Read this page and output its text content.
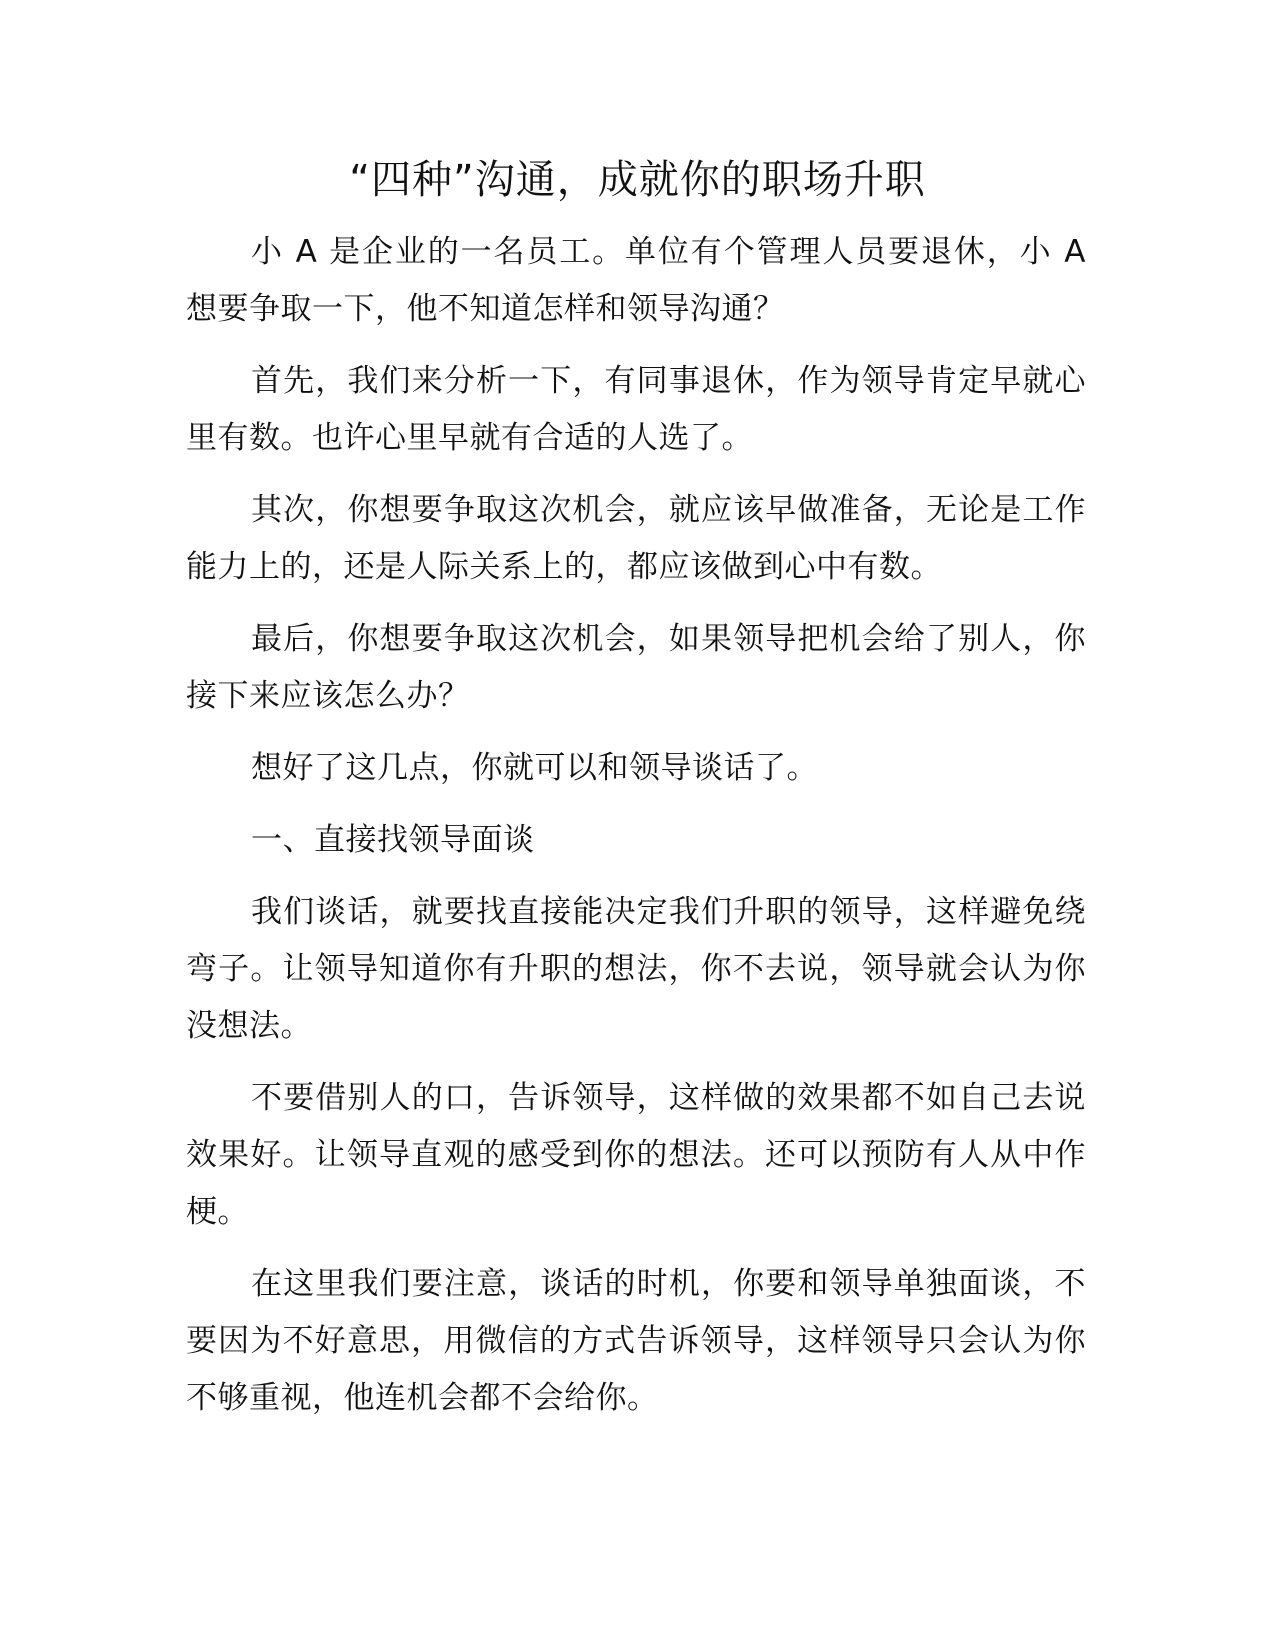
“四种”沟通，成就你的职场升职

小 A 是企业的一名员工。单位有个管理人员要退休，小 A 想要争取一下，他不知道怎样和领导沟通？

首先，我们来分析一下，有同事退休，作为领导肯定早就心里有数。也许心里早就有合适的人选了。

其次，你想要争取这次机会，就应该早做准备，无论是工作能力上的，还是人际关系上的，都应该做到心中有数。

最后，你想要争取这次机会，如果领导把机会给了别人，你接下来应该怎么办？

想好了这几点，你就可以和领导谈话了。

一、直接找领导面谈

我们谈话，就要找直接能决定我们升职的领导，这样避免绕弯子。让领导知道你有升职的想法，你不去说，领导就会认为你没想法。

不要借别人的口，告诉领导，这样做的效果都不如自己去说效果好。让领导直观的感受到你的想法。还可以预防有人从中作梗。

在这里我们要注意，谈话的时机，你要和领导单独面谈，不要因为不好意思，用微信的方式告诉领导，这样领导只会认为你不够重视，他连机会都不会给你。
